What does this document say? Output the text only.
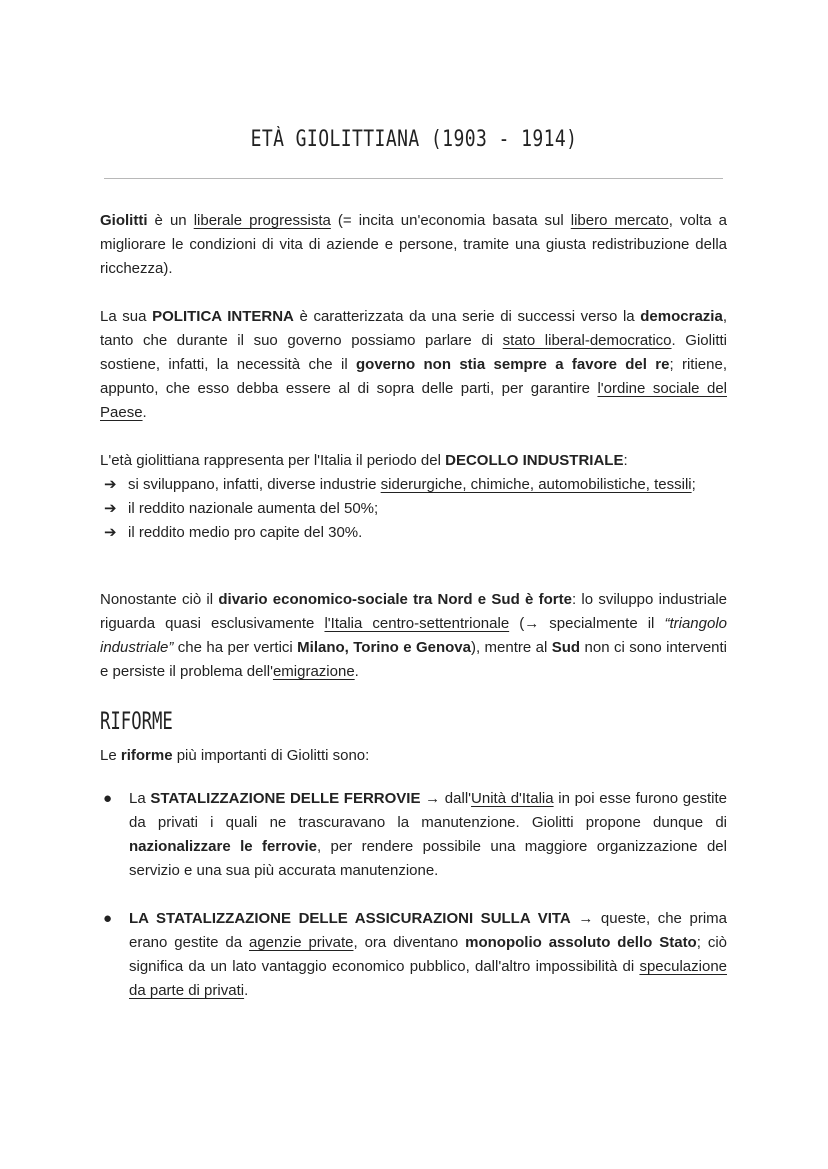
ETÀ GIOLITTIANA (1903 - 1914)
Giolitti è un liberale progressista (= incita un'economia basata sul libero mercato, volta a migliorare le condizioni di vita di aziende e persone, tramite una giusta redistribuzione della ricchezza).
La sua POLITICA INTERNA è caratterizzata da una serie di successi verso la democrazia, tanto che durante il suo governo possiamo parlare di stato liberal-democratico. Giolitti sostiene, infatti, la necessità che il governo non stia sempre a favore del re; ritiene, appunto, che esso debba essere al di sopra delle parti, per garantire l'ordine sociale del Paese.
L'età giolittiana rappresenta per l'Italia il periodo del DECOLLO INDUSTRIALE:
➔ si sviluppano, infatti, diverse industrie siderurgiche, chimiche, automobilistiche, tessili;
➔ il reddito nazionale aumenta del 50%;
➔ il reddito medio pro capite del 30%.
Nonostante ciò il divario economico-sociale tra Nord e Sud è forte: lo sviluppo industriale riguarda quasi esclusivamente l'Italia centro-settentrionale (→ specialmente il “triangolo industriale” che ha per vertici Milano, Torino e Genova), mentre al Sud non ci sono interventi e persiste il problema dell'emigrazione.
RIFORME
Le riforme più importanti di Giolitti sono:
● La STATALIZZAZIONE DELLE FERROVIE → dall'Unità d'Italia in poi esse furono gestite da privati i quali ne trascuravano la manutenzione. Giolitti propone dunque di nazionalizzare le ferrovie, per rendere possibile una maggiore organizzazione del servizio e una sua più accurata manutenzione.
● LA STATALIZZAZIONE DELLE ASSICURAZIONI SULLA VITA → queste, che prima erano gestite da agenzie private, ora diventano monopolio assoluto dello Stato; ciò significa da un lato vantaggio economico pubblico, dall'altro impossibilità di speculazione da parte di privati.
